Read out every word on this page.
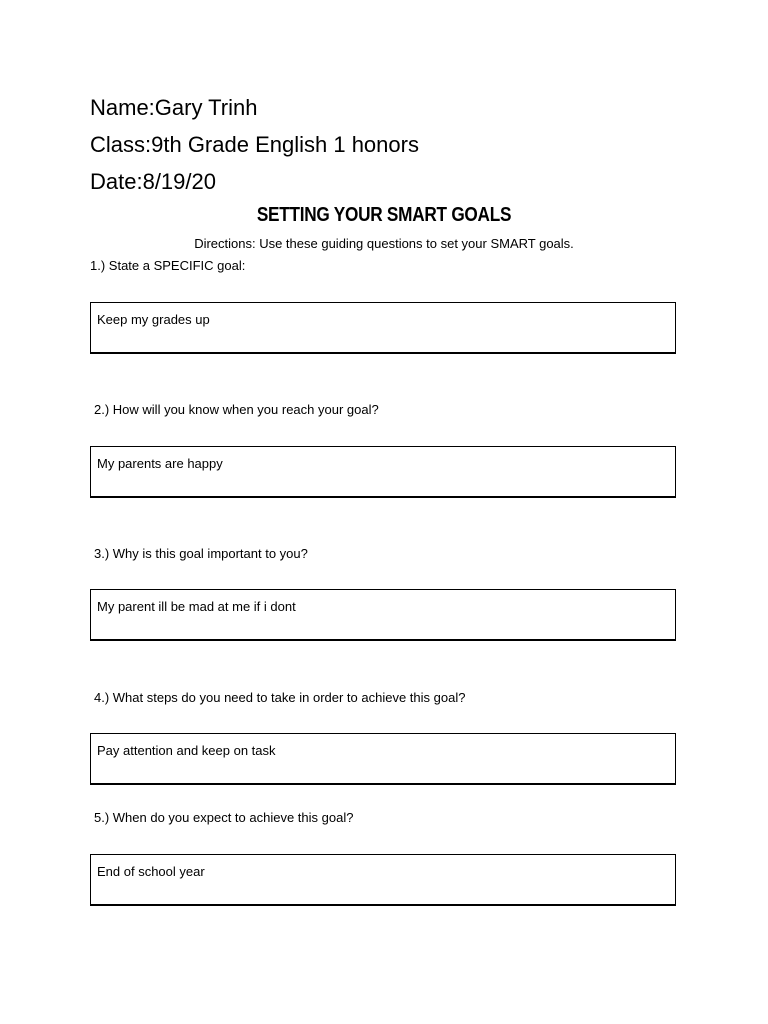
Name:Gary Trinh
Class:9th Grade English 1 honors
Date:8/19/20
SETTING YOUR SMART GOALS
Directions: Use these guiding questions to set your SMART goals.
1.) State a SPECIFIC goal:
Keep my grades up
2.) How will you know when you reach your goal?
My parents are happy
3.) Why is this goal important to you?
My parent ill be mad at me if i dont
4.) What steps do you need to take in order to achieve this goal?
Pay attention and keep on task
5.) When do you expect to achieve this goal?
End of school year
